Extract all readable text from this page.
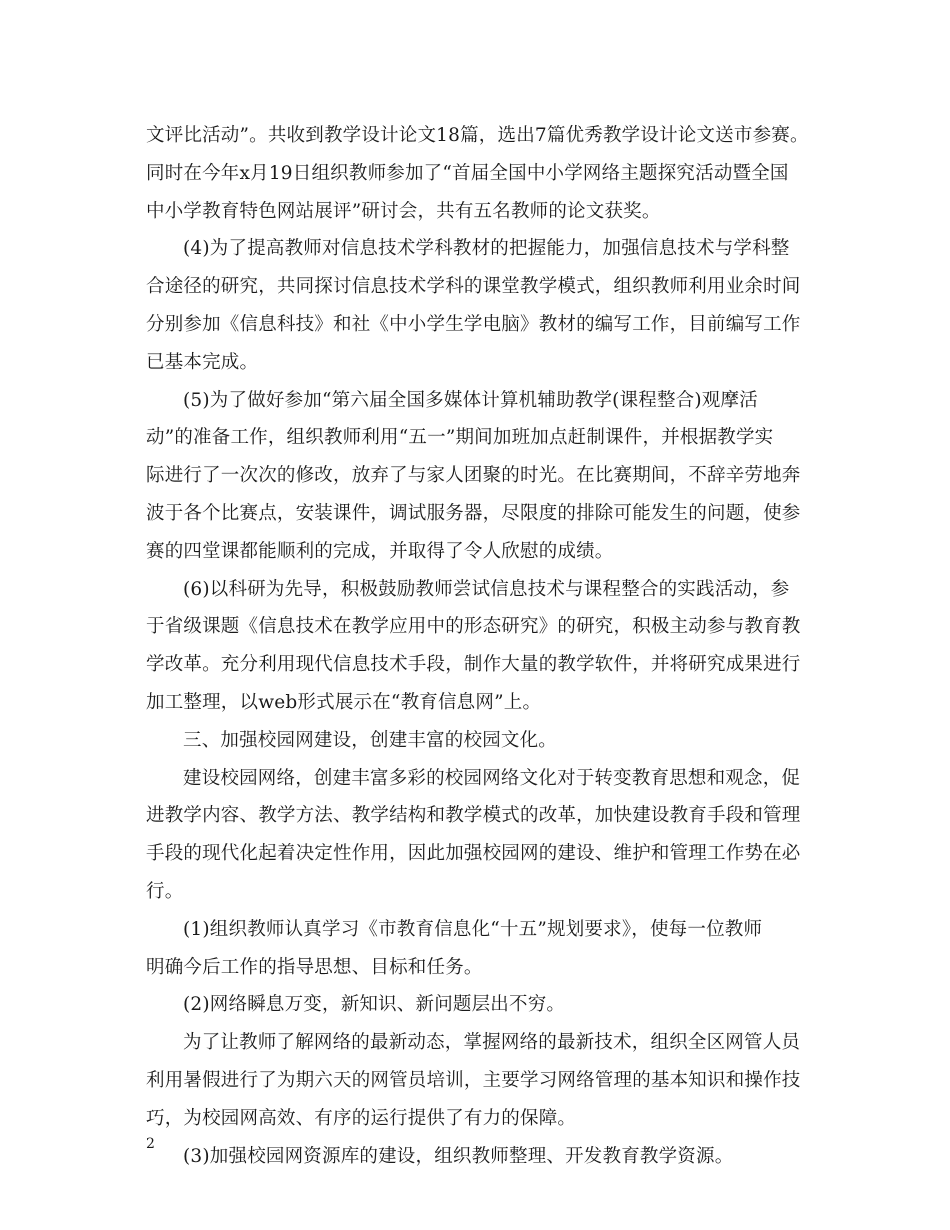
文评比活动”。共收到教学设计论文18篇，选出7篇优秀教学设计论文送市参赛。
同时在今年x月19日组织教师参加了“首届全国中小学网络主题探究活动暨全国
中小学教育特色网站展评”研讨会，共有五名教师的论文获奖。
(4)为了提高教师对信息技术学科教材的把握能力，加强信息技术与学科整
合途径的研究，共同探讨信息技术学科的课堂教学模式，组织教师利用业余时间
分别参加《信息科技》和社《中小学生学电脑》教材的编写工作，目前编写工作
已基本完成。
(5)为了做好参加“第六届全国多媒体计算机辅助教学(课程整合)观摩活
动”的准备工作，组织教师利用“五一”期间加班加点赶制课件，并根据教学实
际进行了一次次的修改，放弃了与家人团聚的时光。在比赛期间，不辞辛劳地奔
波于各个比赛点，安装课件，调试服务器，尽限度的排除可能发生的问题，使参
赛的四堂课都能顺利的完成，并取得了令人欣慰的成绩。
(6)以科研为先导，积极鼓励教师尝试信息技术与课程整合的实践活动，参
于省级课题《信息技术在教学应用中的形态研究》的研究，积极主动参与教育教
学改革。充分利用现代信息技术手段，制作大量的教学软件，并将研究成果进行
加工整理，以web形式展示在“教育信息网”上。
三、加强校园网建设，创建丰富的校园文化。
建设校园网络，创建丰富多彩的校园网络文化对于转变教育思想和观念，促
进教学内容、教学方法、教学结构和教学模式的改革，加快建设教育手段和管理
手段的现代化起着决定性作用，因此加强校园网的建设、维护和管理工作势在必
行。
(1)组织教师认真学习《市教育信息化“十五”规划要求》，使每一位教师
明确今后工作的指导思想、目标和任务。
(2)网络瞬息万变，新知识、新问题层出不穷。
为了让教师了解网络的最新动态，掌握网络的最新技术，组织全区网管人员
利用暑假进行了为期六天的网管员培训，主要学习网络管理的基本知识和操作技
巧，为校园网高效、有序的运行提供了有力的保障。
(3)加强校园网资源库的建设，组织教师整理、开发教育教学资源。
2
